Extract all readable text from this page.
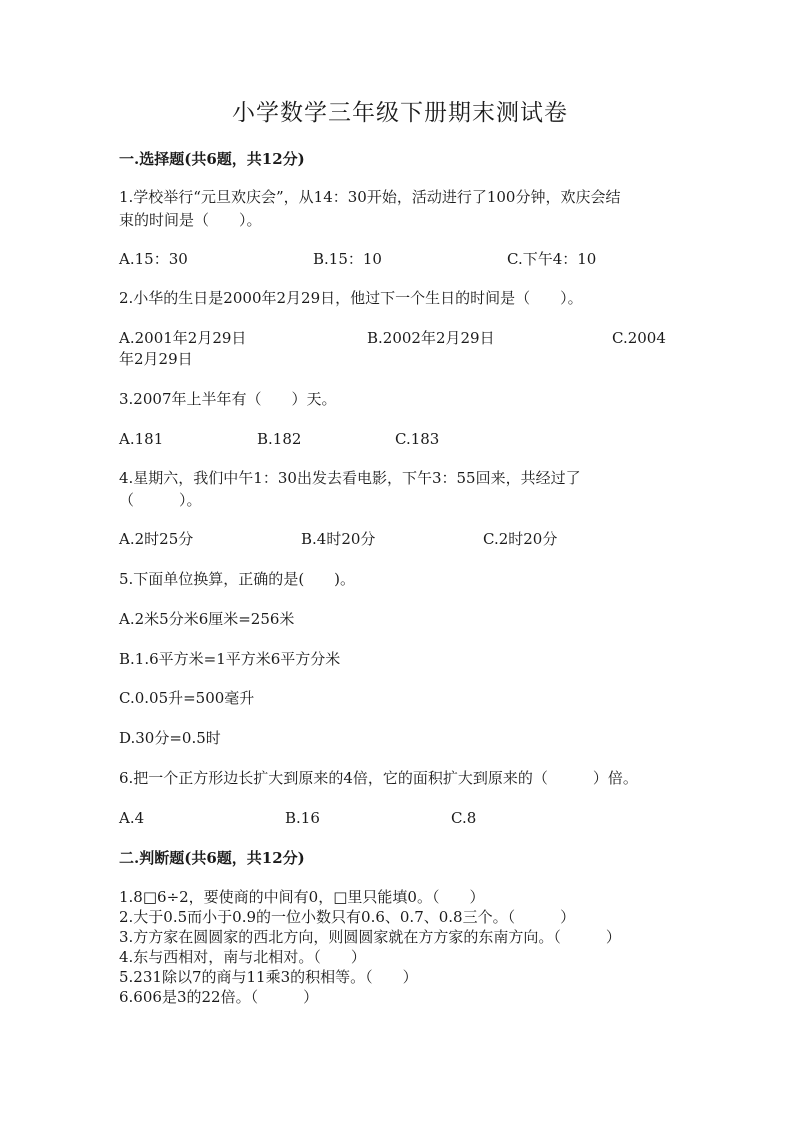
小学数学三年级下册期末测试卷
一.选择题(共6题，共12分)
1.学校举行“元旦欢庆会”，从14：30开始，活动进行了100分钟，欢庆会结
束的时间是（　　）。
A.15：30	B.15：10	C.下午4：10
2.小华的生日是2000年2月29日，他过下一个生日的时间是（　　）。
A.2001年2月29日	B.2002年2月29日	C.2004
年2月29日
3.2007年上半年有（　　）天。
A.181	B.182	C.183
4.星期六，我们中午1：30出发去看电影，下午3：55回来，共经过了
（　　　）。
A.2时25分	B.4时20分	C.2时20分
5.下面单位换算，正确的是(　　)。
A.2米5分米6厘米=256米
B.1.6平方米=1平方米6平方分米
C.0.05升=500毫升
D.30分=0.5时
6.把一个正方形边长扩大到原来的4倍，它的面积扩大到原来的（　　　）倍。
A.4	B.16	C.8
二.判断题(共6题，共12分)
1.8□6÷2，要使商的中间有0，□里只能填0。（　　）
2.大于0.5而小于0.9的一位小数只有0.6、0.7、0.8三个。（　　　）
3.方方家在圆圆家的西北方向，则圆圆家就在方方家的东南方向。（　　　）
4.东与西相对，南与北相对。（　　）
5.231除以7的商与11乘3的积相等。（　　）
6.606是3的22倍。（　　　）
